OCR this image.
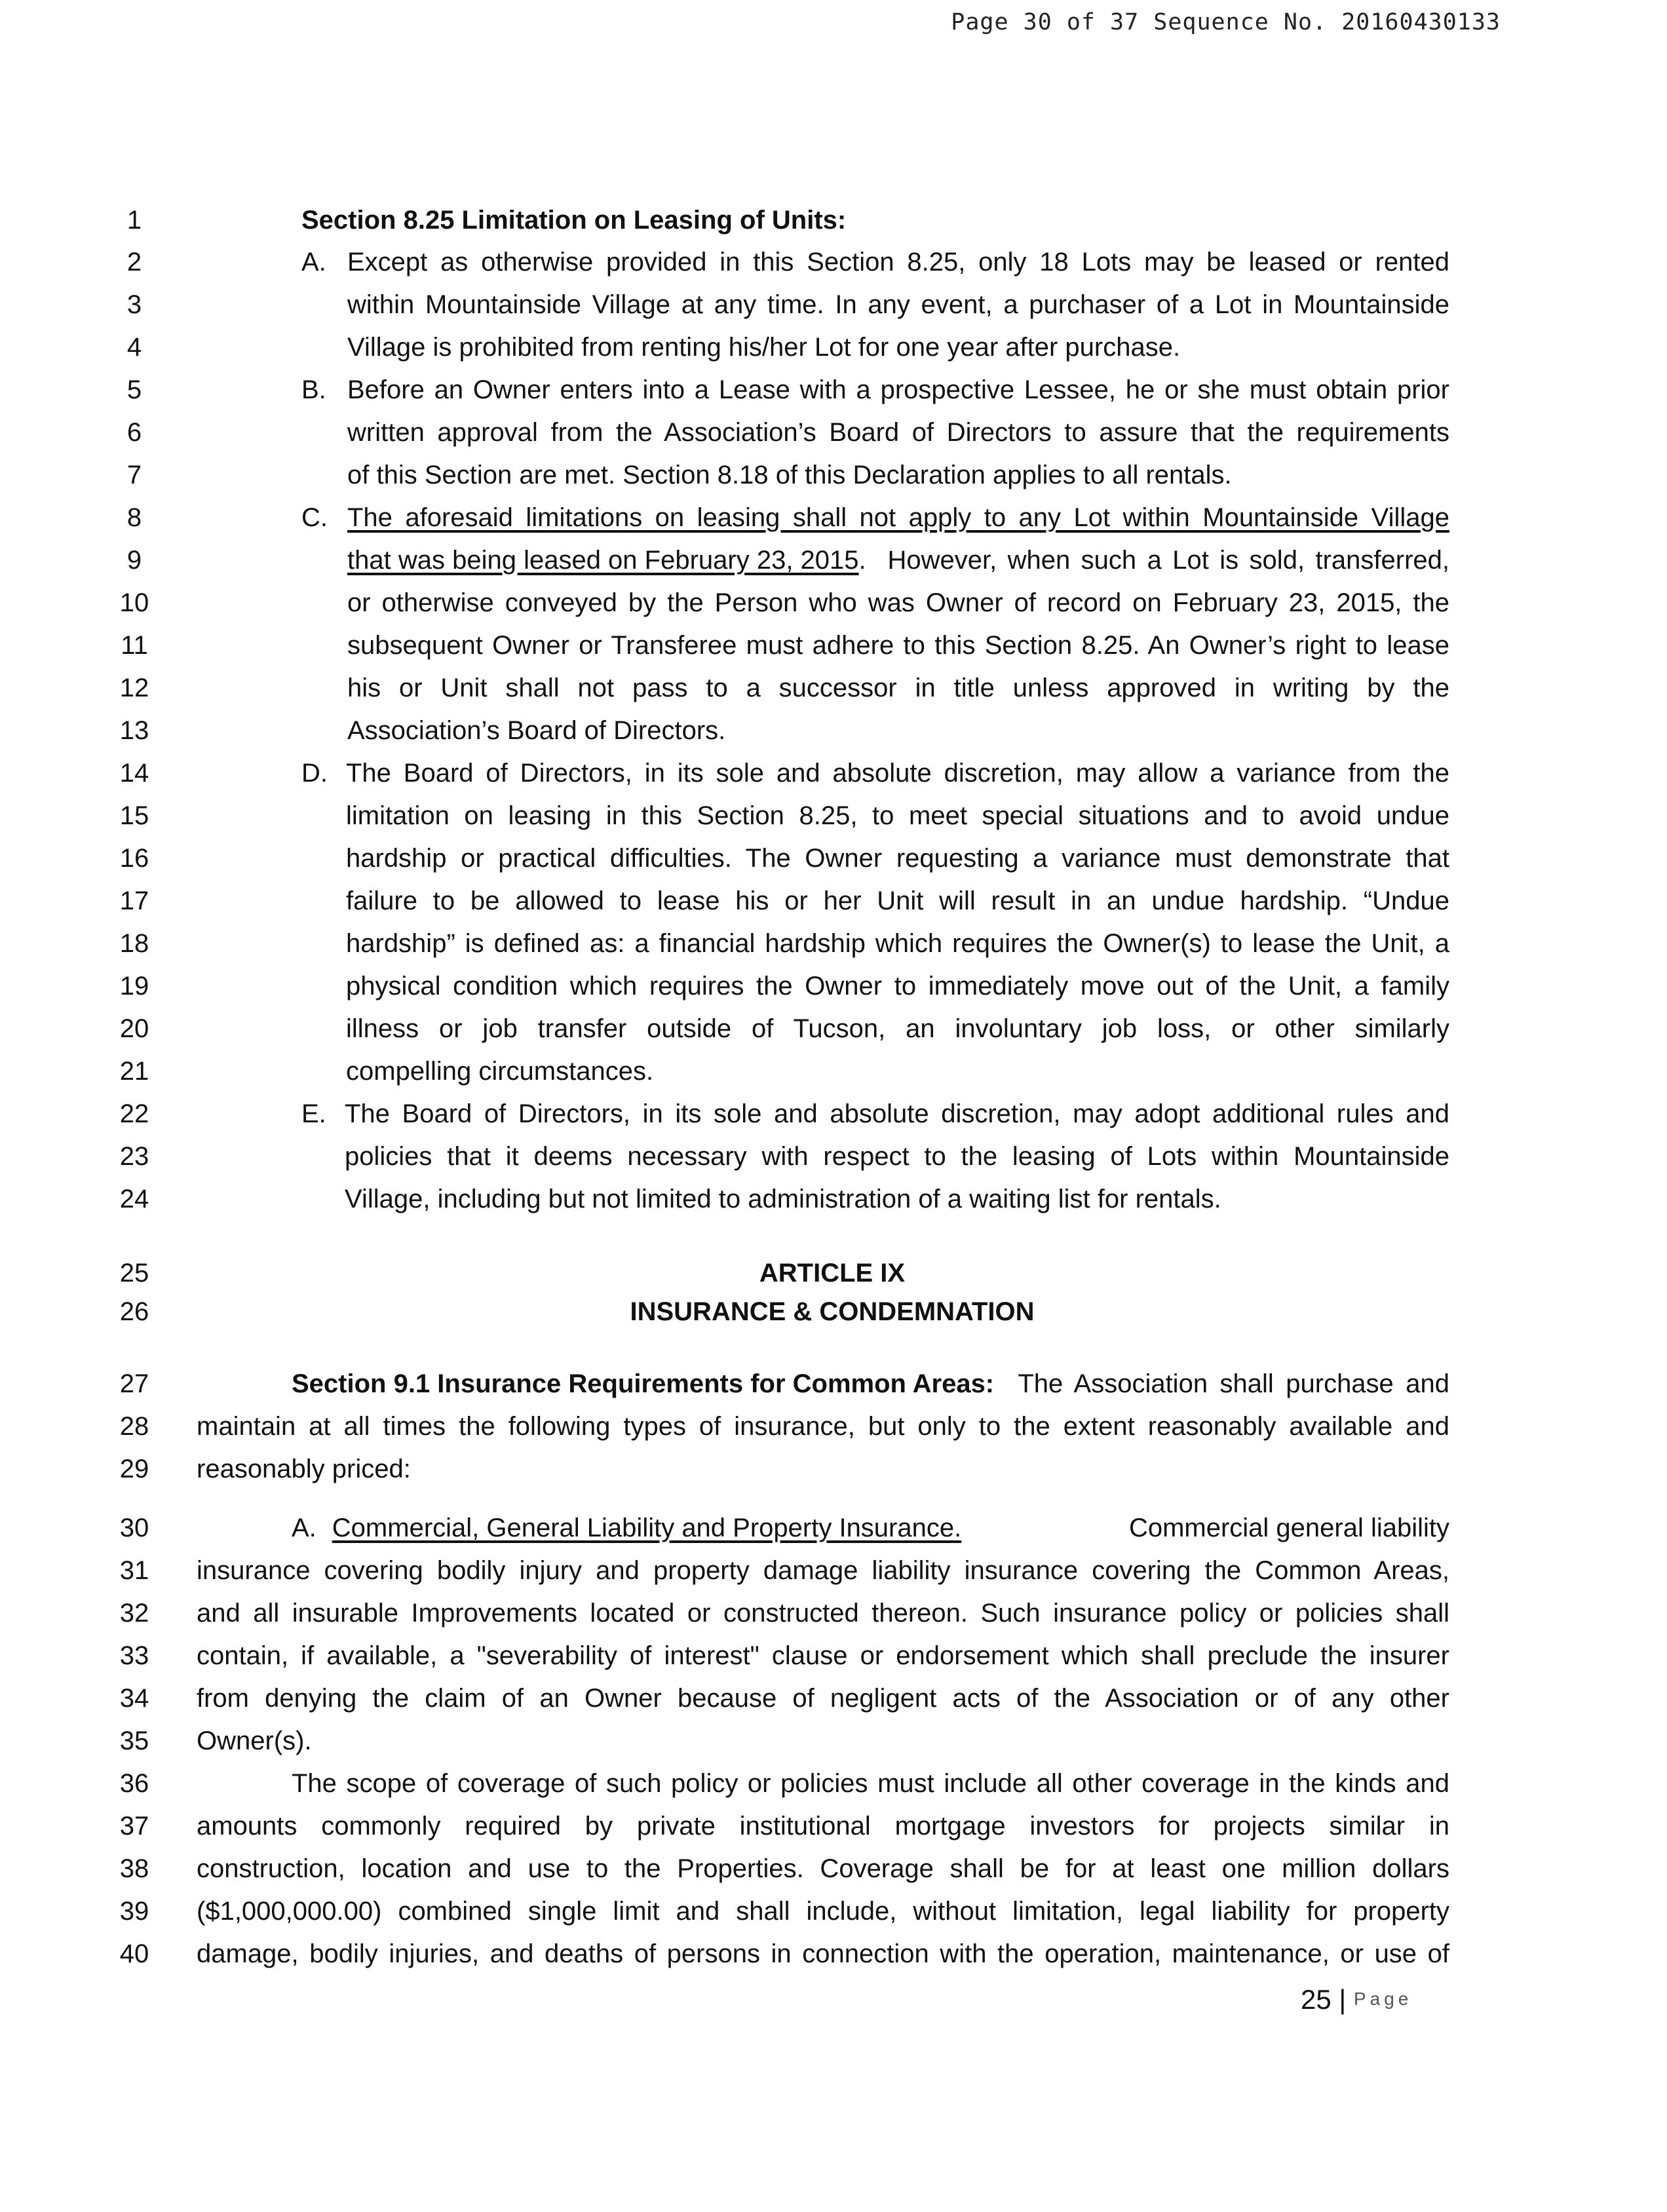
Page 30 of 37 Sequence No. 20160430133
1
2
3
4
5
6
7
8
9
10
11
12
13
14
15
16
17
18
19
20
21
22
23
24
25
26
27
28
29
30
31
32
33
34
35
36
37
38
39
40
Section 8.25 Limitation on Leasing of Units:
A. Except as otherwise provided in this Section 8.25, only 18 Lots may be leased or rented
within Mountainside Village at any time. In any event, a purchaser of a Lot in Mountainside
Village is prohibited from renting his/her Lot for one year after purchase.
B. Before an Owner enters into a Lease with a prospective Lessee, he or she must obtain prior
written approval from the Association’s Board of Directors to assure that the requirements
of this Section are met. Section 8.18 of this Declaration applies to all rentals.
C. The aforesaid limitations on leasing shall not apply to any Lot within Mountainside Village
that was being leased on February 23, 2015 .  However, when such a Lot is sold, transferred,
or otherwise conveyed by the Person who was Owner of record on February 23, 2015, the
subsequent Owner or Transferee must adhere to this Section 8.25. An Owner’s right to lease
his or Unit shall not pass to a successor in title unless approved in writing by the
Association’s Board of Directors.
D. The Board of Directors, in its sole and absolute discretion, may allow a variance from the
limitation on leasing in this Section 8.25, to meet special situations and to avoid undue
hardship or practical difficulties. The Owner requesting a variance must demonstrate that
failure to be allowed to lease his or her Unit will result in an undue hardship. “Undue
hardship” is defined as: a financial hardship which requires the Owner(s) to lease the Unit, a
physical condition which requires the Owner to immediately move out of the Unit, a family
illness or job transfer outside of Tucson, an involuntary job loss, or other similarly
compelling circumstances.
E. The Board of Directors, in its sole and absolute discretion, may adopt additional rules and
policies that it deems necessary with respect to the leasing of Lots within Mountainside
Village, including but not limited to administration of a waiting list for rentals.
ARTICLE IX
INSURANCE & CONDEMNATION
Section 9.1 Insurance Requirements for Common Areas: The Association shall purchase and
maintain at all times the following types of insurance, but only to the extent reasonably available and
reasonably priced:
A. Commercial, General Liability and Property Insurance.	Commercial general liability
insurance covering bodily injury and property damage liability insurance covering the Common Areas,
and all insurable Improvements located or constructed thereon. Such insurance policy or policies shall
contain, if available, a "severability of interest" clause or endorsement which shall preclude the insurer
from denying the claim of an Owner because of negligent acts of the Association or of any other
Owner(s).
The scope of coverage of such policy or policies must include all other coverage in the kinds and
amounts commonly required by private institutional mortgage investors for projects similar in
construction, location and use to the Properties. Coverage shall be for at least one million dollars
($1,000,000.00) combined single limit and shall include, without limitation, legal liability for property
damage, bodily injuries, and deaths of persons in connection with the operation, maintenance, or use of
25 | Page
